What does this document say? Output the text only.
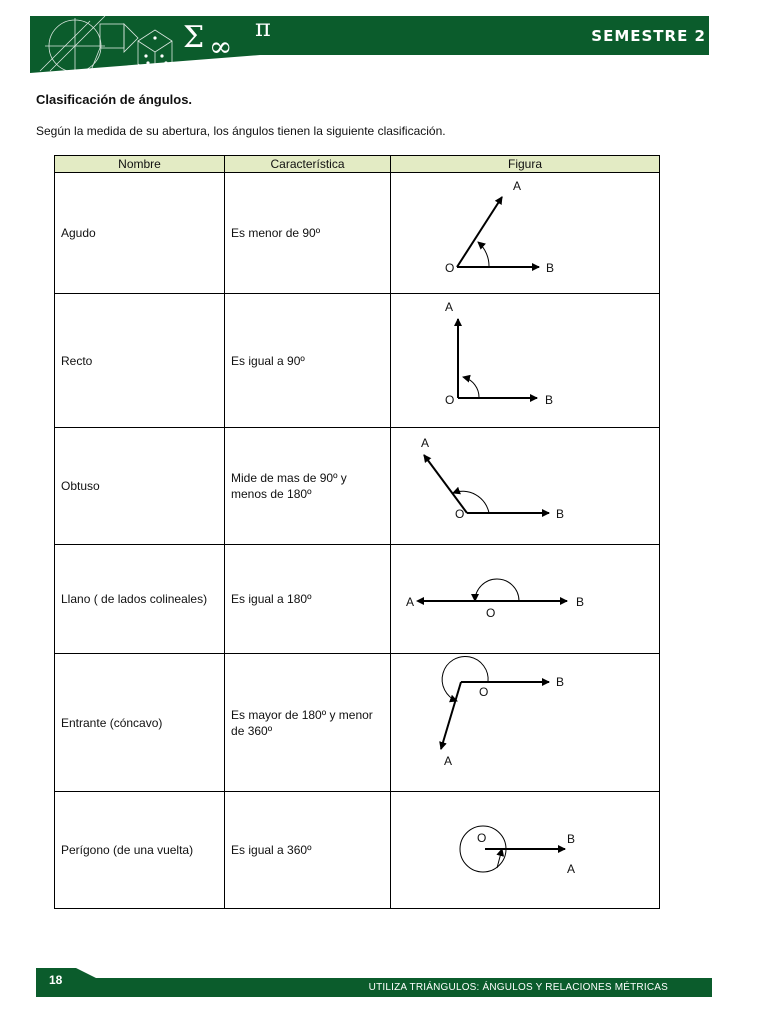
Σ ∞
π	SEMESTRE 2
Clasificación de ángulos.
Según la medida de su abertura, los ángulos tienen la siguiente clasificación.
Nombre	Característica	Figura
Agudo	Es menor de 90º	A
B
O

Recto	Es igual a 90º	A
B
O

Obtuso	Mide de mas de 90º y menos de 180º	A
B
O

Llano ( de lados colineales)	Es igual a 180º	A B
O

Entrante (cóncavo)	Es mayor de 180º y menor de 360º	A
B
O

Perígono (de una vuelta)	Es igual a 360º	A
B
O
18
UTILIZA TRIÁNGULOS: ÁNGULOS Y RELACIONES MÉTRICAS
